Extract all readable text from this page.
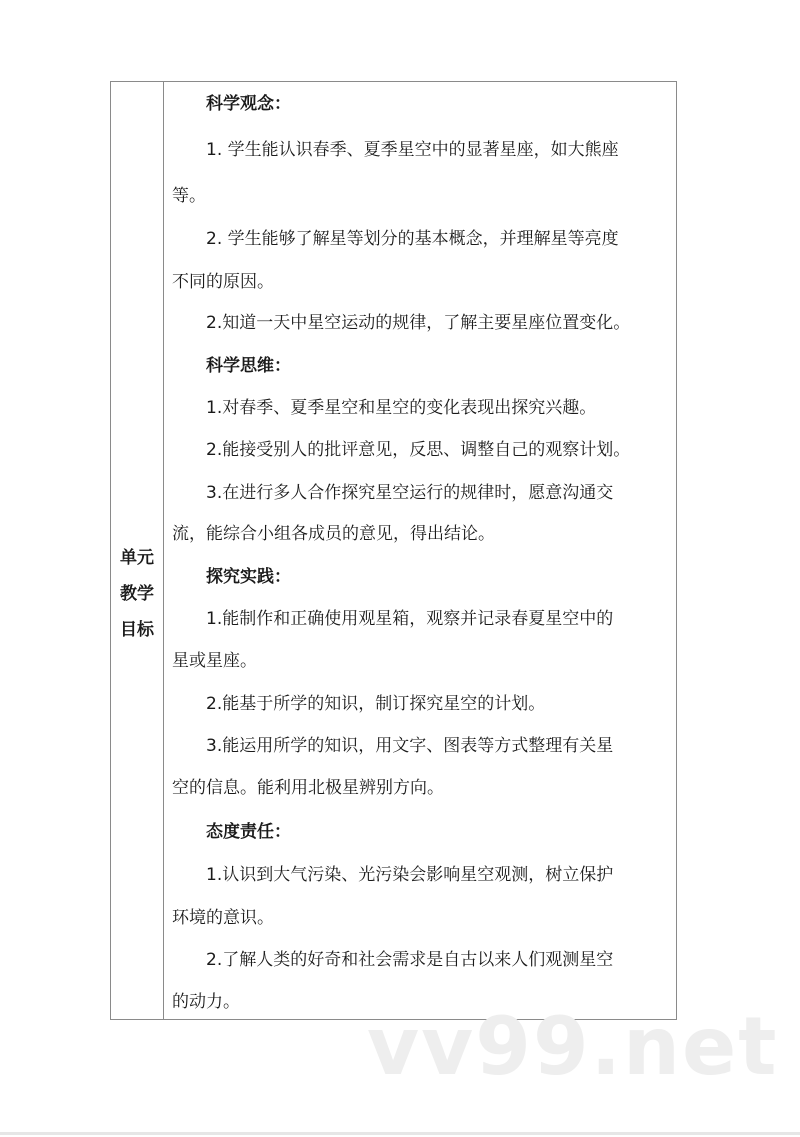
单元
教学
目标
科学观念：
1. 学生能认识春季、夏季星空中的显著星座，如大熊座
等。
2. 学生能够了解星等划分的基本概念，并理解星等亮度
不同的原因。
2.知道一天中星空运动的规律，了解主要星座位置变化。
科学思维：
1.对春季、夏季星空和星空的变化表现出探究兴趣。
2.能接受别人的批评意见，反思、调整自己的观察计划。
3.在进行多人合作探究星空运行的规律时，愿意沟通交
流，能综合小组各成员的意见，得出结论。
探究实践：
1.能制作和正确使用观星箱，观察并记录春夏星空中的
星或星座。
2.能基于所学的知识，制订探究星空的计划。
3.能运用所学的知识，用文字、图表等方式整理有关星
空的信息。能利用北极星辨别方向。
态度责任：
1.认识到大气污染、光污染会影响星空观测，树立保护
环境的意识。
2.了解人类的好奇和社会需求是自古以来人们观测星空
的动力。 vv99.net
